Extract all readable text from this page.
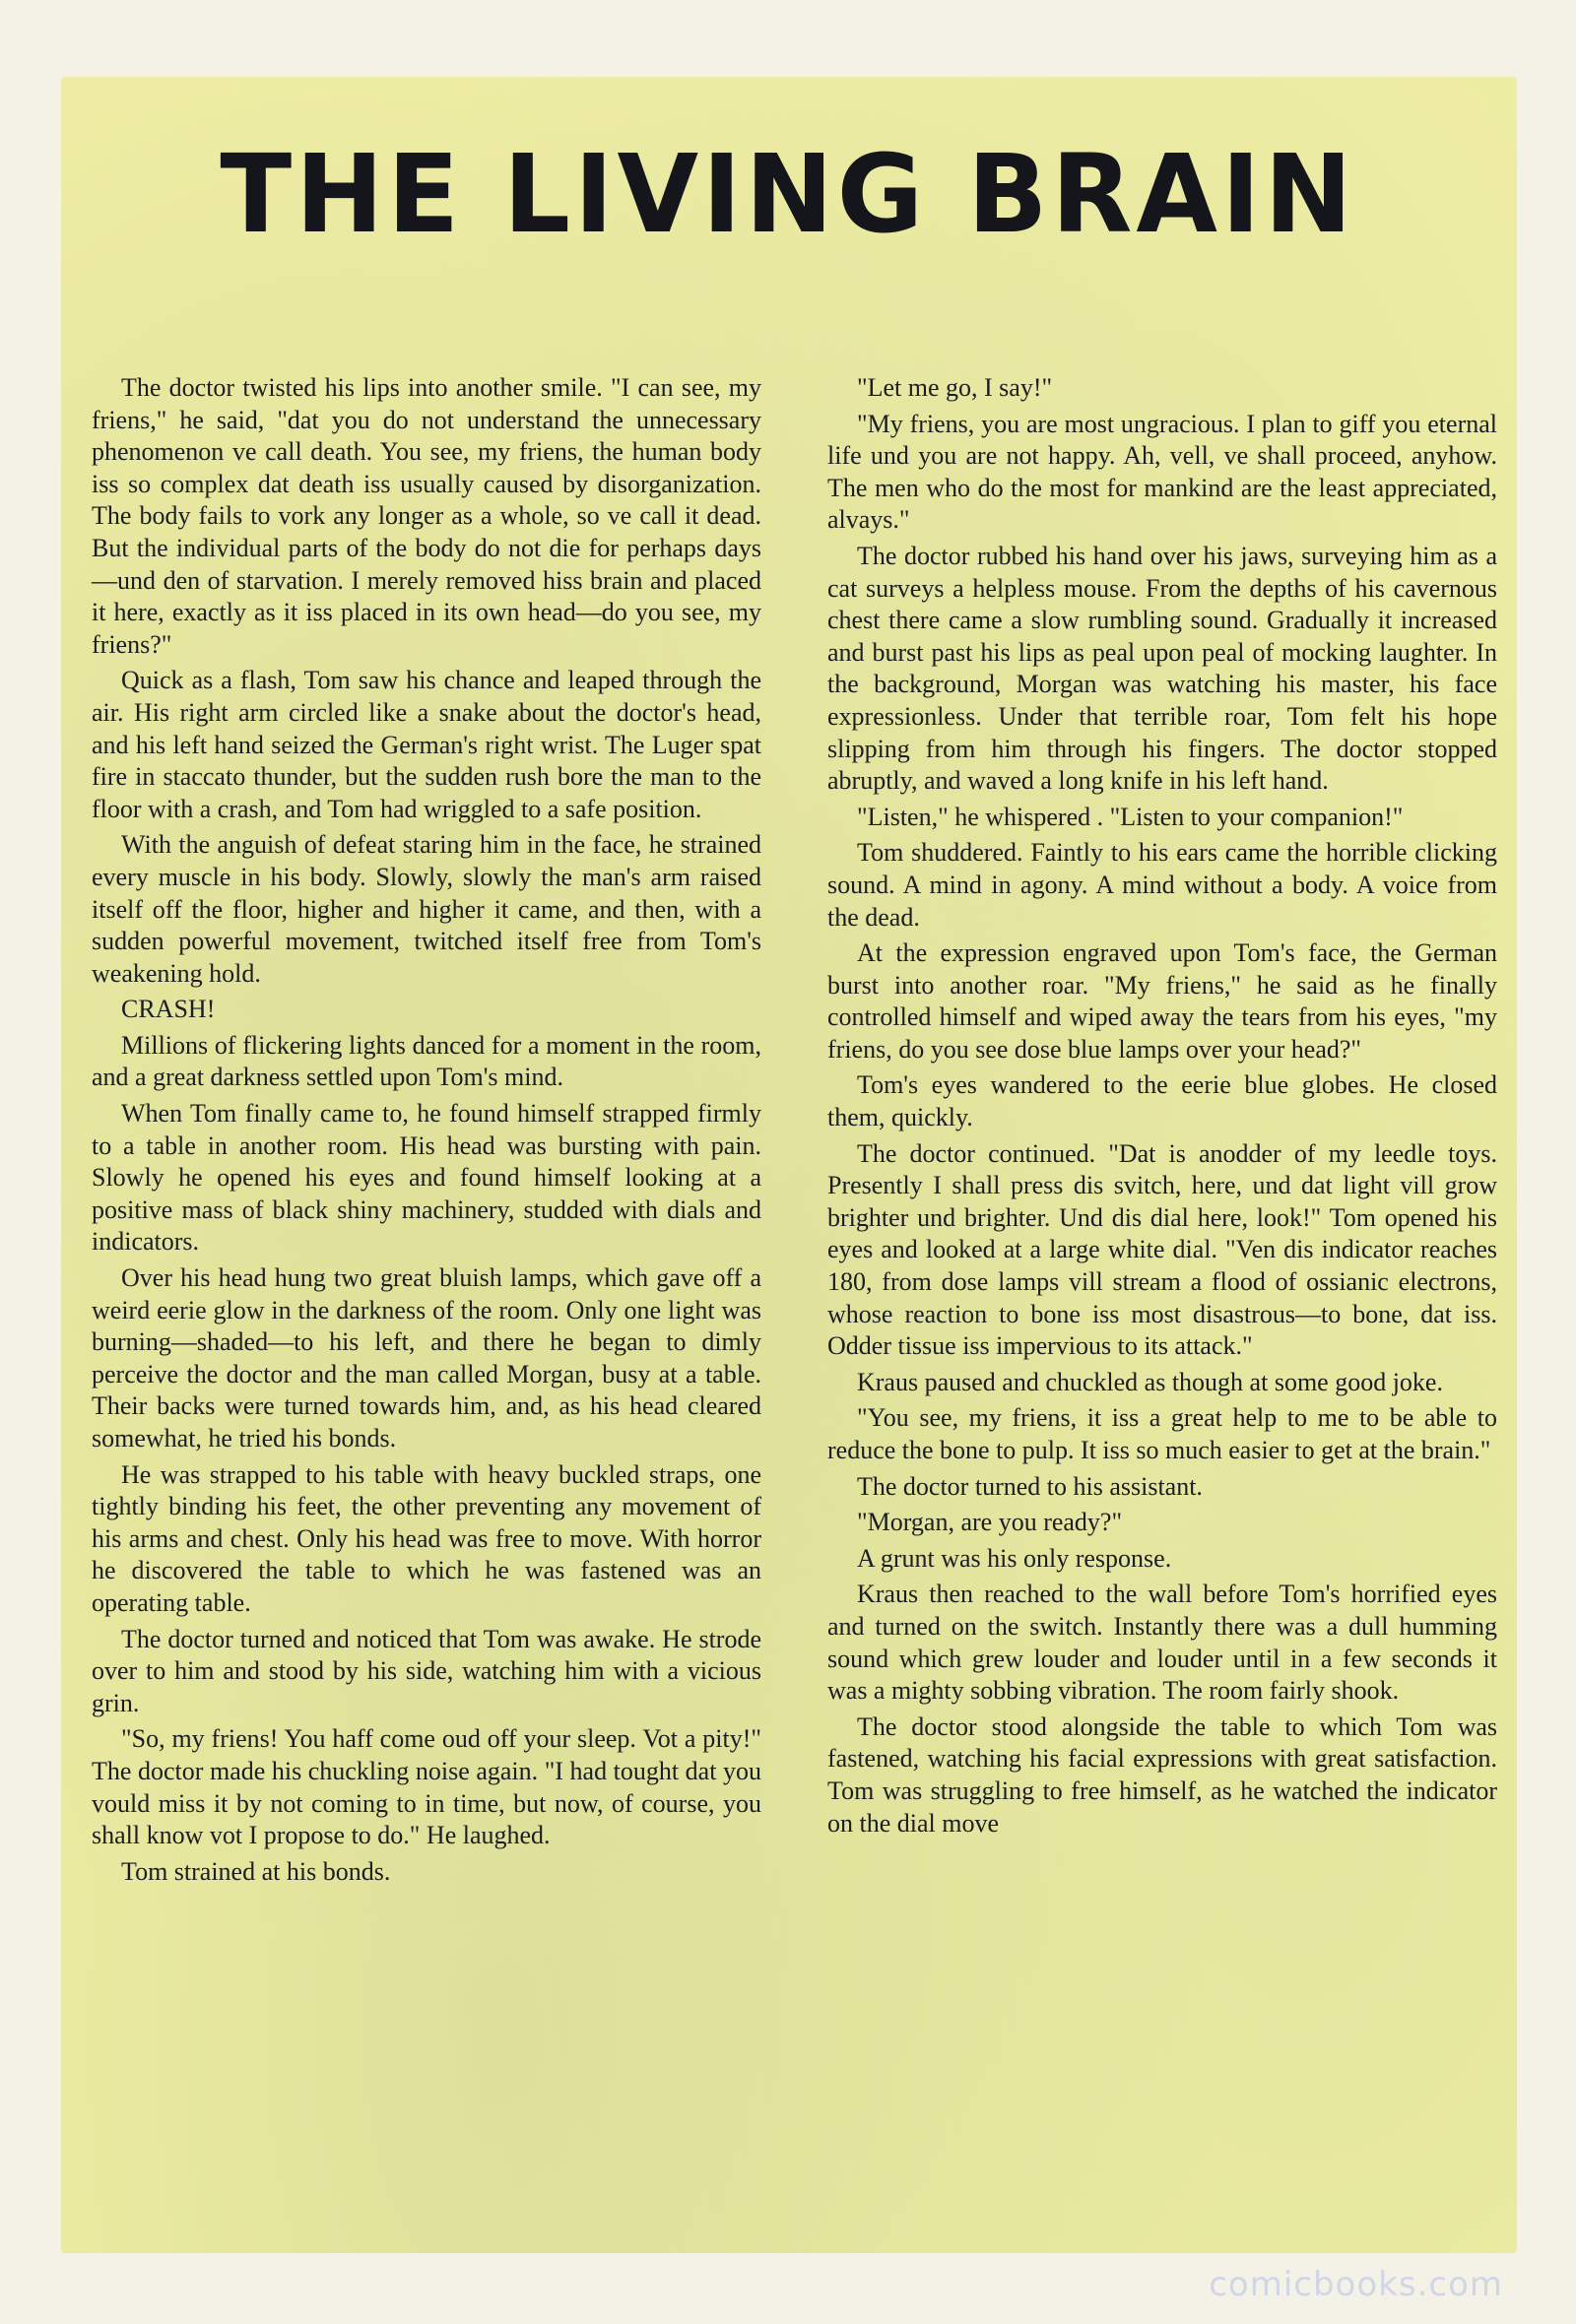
THE LIVING BRAIN

The doctor twisted his lips into another smile. "I can see, my friens," he said, "dat you do not understand the unnecessary phenomenon ve call death. You see, my friens, the human body iss so complex dat death iss usually caused by disorganization. The body fails to vork any longer as a whole, so ve call it dead. But the individual parts of the body do not die for perhaps days—und den of starvation. I merely removed hiss brain and placed it here, exactly as it iss placed in its own head—do you see, my friens?"

Quick as a flash, Tom saw his chance and leaped through the air. His right arm circled like a snake about the doctor's head, and his left hand seized the German's right wrist. The Luger spat fire in staccato thunder, but the sudden rush bore the man to the floor with a crash, and Tom had wriggled to a safe position.

With the anguish of defeat staring him in the face, he strained every muscle in his body. Slowly, slowly the man's arm raised itself off the floor, higher and higher it came, and then, with a sudden powerful movement, twitched itself free from Tom's weakening hold.

CRASH!

Millions of flickering lights danced for a moment in the room, and a great darkness settled upon Tom's mind.

When Tom finally came to, he found himself strapped firmly to a table in another room. His head was bursting with pain. Slowly he opened his eyes and found himself looking at a positive mass of black shiny machinery, studded with dials and indicators.

Over his head hung two great bluish lamps, which gave off a weird eerie glow in the darkness of the room. Only one light was burning—shaded—to his left, and there he began to dimly perceive the doctor and the man called Morgan, busy at a table. Their backs were turned towards him, and, as his head cleared somewhat, he tried his bonds.

He was strapped to his table with heavy buckled straps, one tightly binding his feet, the other preventing any movement of his arms and chest. Only his head was free to move. With horror he discovered the table to which he was fastened was an operating table.

The doctor turned and noticed that Tom was awake. He strode over to him and stood by his side, watching him with a vicious grin.

"So, my friens! You haff come oud off your sleep. Vot a pity!" The doctor made his chuckling noise again. "I had tought dat you vould miss it by not coming to in time, but now, of course, you shall know vot I propose to do." He laughed.

Tom strained at his bonds.

"Let me go, I say!"

"My friens, you are most ungracious. I plan to giff you eternal life und you are not happy. Ah, vell, ve shall proceed, anyhow. The men who do the most for mankind are the least appreciated, alvays."

The doctor rubbed his hand over his jaws, surveying him as a cat surveys a helpless mouse. From the depths of his cavernous chest there came a slow rumbling sound. Gradually it increased and burst past his lips as peal upon peal of mocking laughter. In the background, Morgan was watching his master, his face expressionless. Under that terrible roar, Tom felt his hope slipping from him through his fingers. The doctor stopped abruptly, and waved a long knife in his left hand.

"Listen," he whispered . "Listen to your companion!"

Tom shuddered. Faintly to his ears came the horrible clicking sound. A mind in agony. A mind without a body. A voice from the dead.

At the expression engraved upon Tom's face, the German burst into another roar. "My friens," he said as he finally controlled himself and wiped away the tears from his eyes, "my friens, do you see dose blue lamps over your head?"

Tom's eyes wandered to the eerie blue globes. He closed them, quickly.

The doctor continued. "Dat is anodder of my leedle toys. Presently I shall press dis svitch, here, und dat light vill grow brighter und brighter. Und dis dial here, look!" Tom opened his eyes and looked at a large white dial. "Ven dis indicator reaches 180, from dose lamps vill stream a flood of ossianic electrons, whose reaction to bone iss most disastrous—to bone, dat iss. Odder tissue iss impervious to its attack."

Kraus paused and chuckled as though at some good joke.

"You see, my friens, it iss a great help to me to be able to reduce the bone to pulp. It iss so much easier to get at the brain."

The doctor turned to his assistant.

"Morgan, are you ready?"

A grunt was his only response.

Kraus then reached to the wall before Tom's horrified eyes and turned on the switch. Instantly there was a dull humming sound which grew louder and louder until in a few seconds it was a mighty sobbing vibration. The room fairly shook.

The doctor stood alongside the table to which Tom was fastened, watching his facial expressions with great satisfaction. Tom was struggling to free himself, as he watched the indicator on the dial move

comicbooks.com
